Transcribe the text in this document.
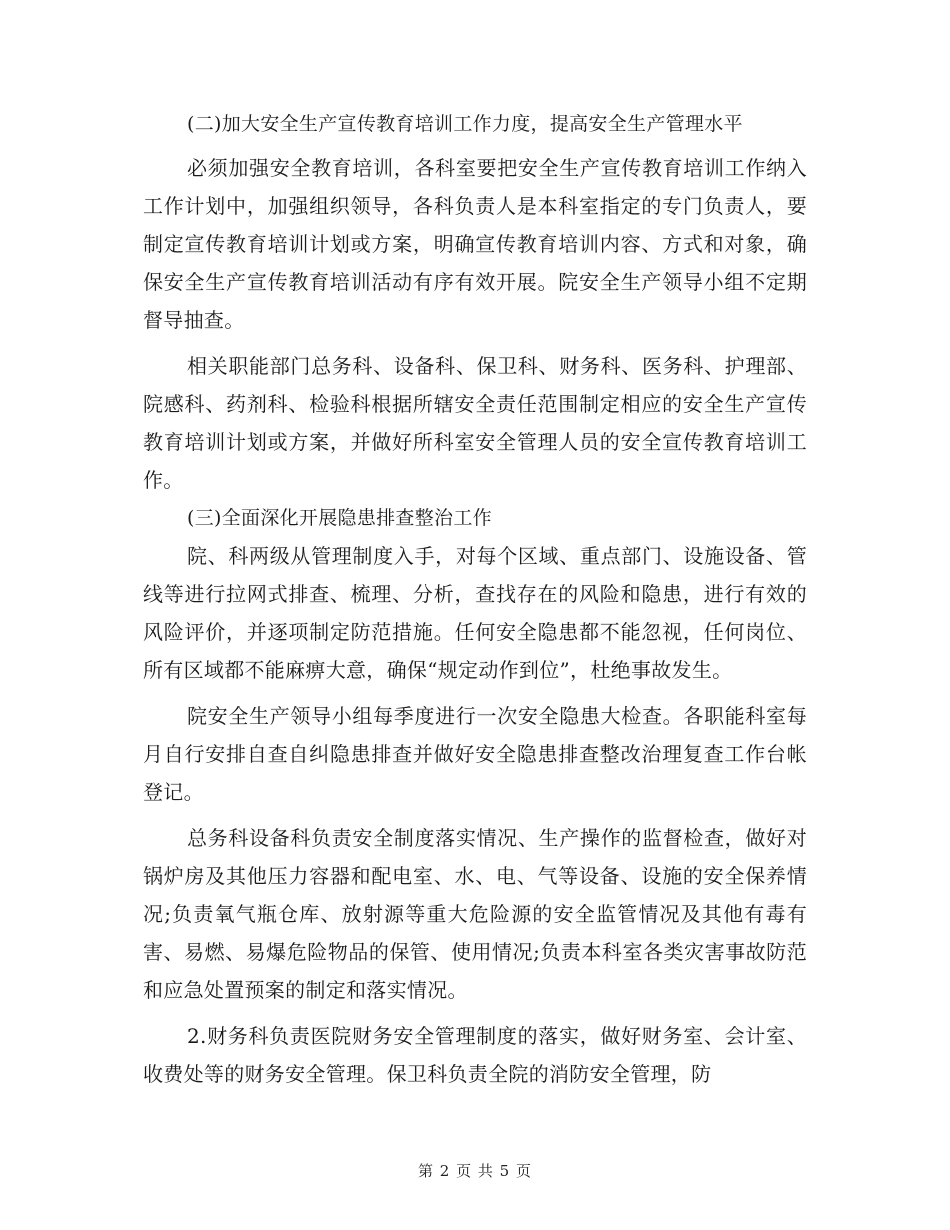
(二)加大安全生产宣传教育培训工作力度，提高安全生产管理水平

必须加强安全教育培训，各科室要把安全生产宣传教育培训工作纳入工作计划中，加强组织领导，各科负责人是本科室指定的专门负责人，要制定宣传教育培训计划或方案，明确宣传教育培训内容、方式和对象，确保安全生产宣传教育培训活动有序有效开展。院安全生产领导小组不定期督导抽查。

相关职能部门总务科、设备科、保卫科、财务科、医务科、护理部、院感科、药剂科、检验科根据所辖安全责任范围制定相应的安全生产宣传教育培训计划或方案，并做好所科室安全管理人员的安全宣传教育培训工作。

(三)全面深化开展隐患排查整治工作

院、科两级从管理制度入手，对每个区域、重点部门、设施设备、管线等进行拉网式排查、梳理、分析，查找存在的风险和隐患，进行有效的风险评价，并逐项制定防范措施。任何安全隐患都不能忽视，任何岗位、所有区域都不能麻痹大意，确保“规定动作到位”，杜绝事故发生。

院安全生产领导小组每季度进行一次安全隐患大检查。各职能科室每月自行安排自查自纠隐患排查并做好安全隐患排查整改治理复查工作台帐登记。

总务科设备科负责安全制度落实情况、生产操作的监督检查，做好对锅炉房及其他压力容器和配电室、水、电、气等设备、设施的安全保养情况;负责氧气瓶仓库、放射源等重大危险源的安全监管情况及其他有毒有害、易燃、易爆危险物品的保管、使用情况;负责本科室各类灾害事故防范和应急处置预案的制定和落实情况。

2.财务科负责医院财务安全管理制度的落实，做好财务室、会计室、收费处等的财务安全管理。保卫科负责全院的消防安全管理，防

第 2 页 共 5 页
